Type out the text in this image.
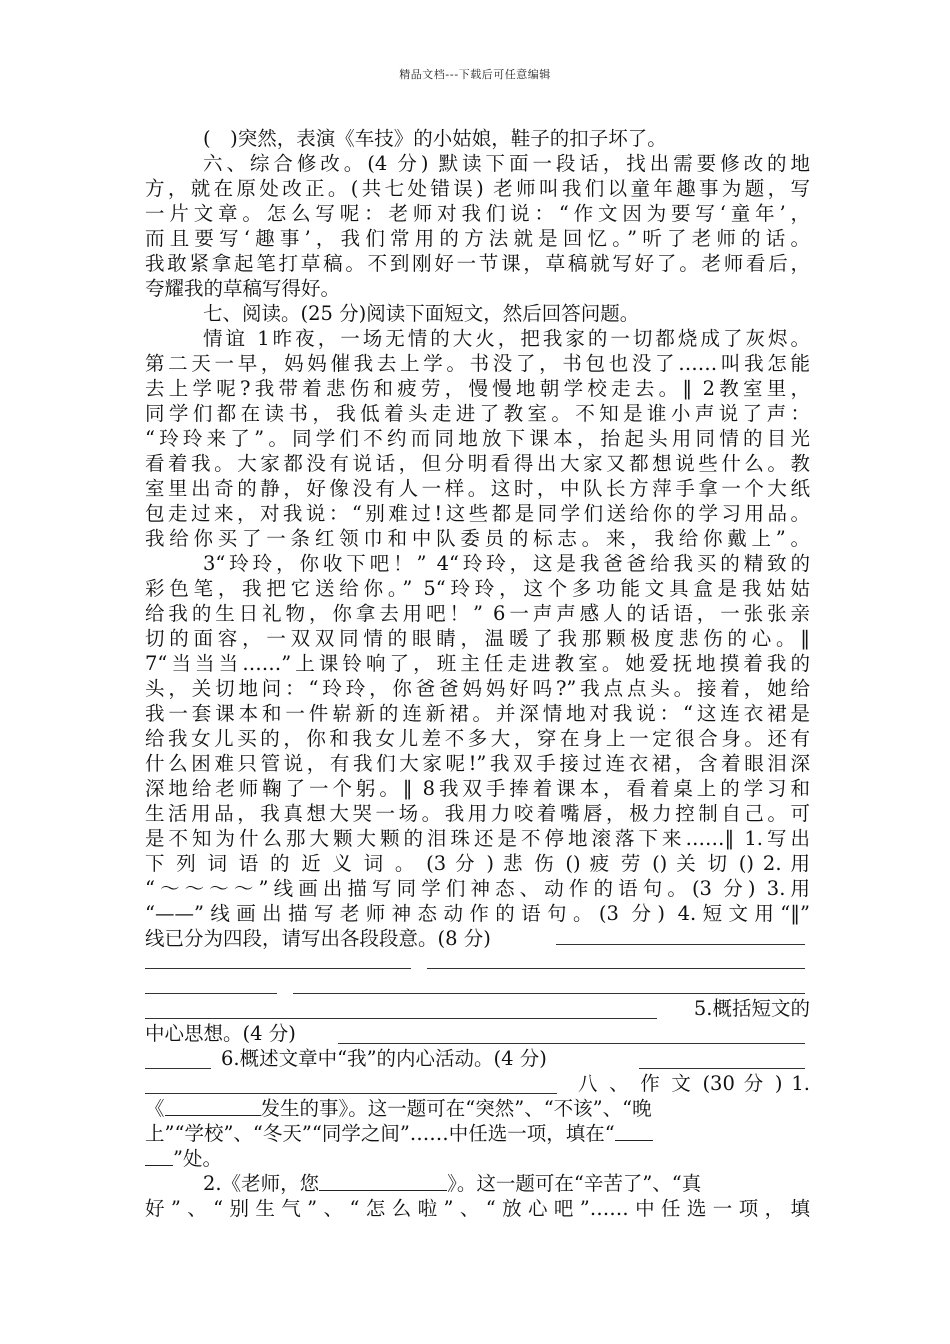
精品文档---下载后可任意编辑
(　)突然，表演《车技》的小姑娘，鞋子的扣子坏了。
六、综合修改。(4 分) 默读下面一段话，找出需要修改的地
方，就在原处改正。(共七处错误) 老师叫我们以童年趣事为题，写
一片文章。怎么写呢：老师对我们说：“作文因为要写‘童年’，
而且要写‘趣事’，我们常用的方法就是回忆。”听了老师的话。
我敢紧拿起笔打草稿。不到刚好一节课，草稿就写好了。老师看后，
夸耀我的草稿写得好。
七、阅读。(25 分)阅读下面短文，然后回答问题。
情谊 1昨夜，一场无情的大火，把我家的一切都烧成了灰烬。
第二天一早，妈妈催我去上学。书没了，书包也没了……叫我怎能
去上学呢?我带着悲伤和疲劳，慢慢地朝学校走去。‖ 2教室里，
同学们都在读书，我低着头走进了教室。不知是谁小声说了声：
“玲玲来了”。同学们不约而同地放下课本，抬起头用同情的目光
看着我。大家都没有说话，但分明看得出大家又都想说些什么。教
室里出奇的静，好像没有人一样。这时，中队长方萍手拿一个大纸
包走过来，对我说：“别难过!这些都是同学们送给你的学习用品。
我给你买了一条红领巾和中队委员的标志。来，我给你戴上”。
3“玲玲，你收下吧！” 4“玲玲，这是我爸爸给我买的精致的
彩色笔，我把它送给你。” 5“玲玲，这个多功能文具盒是我姑姑
给我的生日礼物，你拿去用吧！” 6一声声感人的话语，一张张亲
切的面容，一双双同情的眼睛，温暖了我那颗极度悲伤的心。‖
7“当当当……”上课铃响了，班主任走进教室。她爱抚地摸着我的
头，关切地问：“玲玲，你爸爸妈妈好吗?”我点点头。接着，她给
我一套课本和一件崭新的连新裙。并深情地对我说：“这连衣裙是
给我女儿买的，你和我女儿差不多大，穿在身上一定很合身。还有
什么困难只管说，有我们大家呢!”我双手接过连衣裙，含着眼泪深
深地给老师鞠了一个躬。‖ 8我双手捧着课本，看着桌上的学习和
生活用品，我真想大哭一场。我用力咬着嘴唇，极力控制自己。可
是不知为什么那大颗大颗的泪珠还是不停地滚落下来……‖ 1.写出
下 列 词 语 的 近 义 词 。 (3 分 ) 悲 伤 () 疲 劳 () 关 切 () 2. 用
“～～～～”线画出描写同学们神态、动作的语句。(3 分) 3.用
“——”线画出描写老师神态动作的语句。(3 分) 4.短文用“‖”
线已分为四段，请写出各段段意。(8 分)
5.概括短文的
中心思想。(4 分)
6.概述文章中“我”的内心活动。(4 分)
八 、 作 文 (30 分 ) 1.
《	发生的事》。这一题可在“突然”、“不该”、“晚
上”“学校”、“冬天”“同学之间”……中任选一项，填在“
”处。
2.《老师，您	》。这一题可在“辛苦了”、“真
好”、“别生气”、“怎么啦”、“放心吧”……中任选一项，填
